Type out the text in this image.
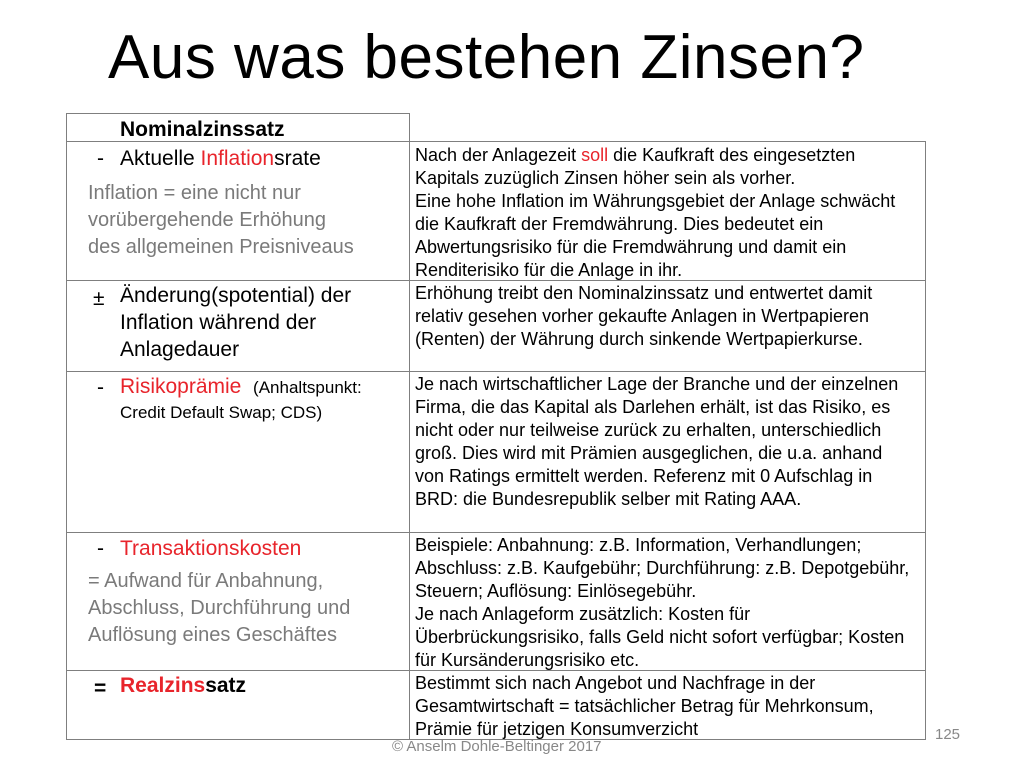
Aus was bestehen Zinsen?
Nominalzinssatz
- Aktuelle Inflationsrate
Inflation = eine nicht nur
vorübergehende Erhöhung
des allgemeinen Preisniveaus

Nach der Anlagezeit soll die Kaufkraft des eingesetzten Kapitals zuzüglich Zinsen höher sein als vorher.

Eine hohe Inflation im Währungsgebiet der Anlage schwächt die Kaufkraft der Fremdwährung. Dies bedeutet ein Abwertungsrisiko für die Fremdwährung und damit ein Renditerisiko für die Anlage in ihr.

± Änderung(spotential) der
Inflation während der
Anlagedauer
Erhöhung treibt den Nominalzinssatz und entwertet damit relativ gesehen vorher gekaufte Anlagen in Wertpapieren (Renten) der Währung durch sinkende Wertpapierkurse.
- Risikoprämie (Anhaltspunkt:
Credit Default Swap; CDS)
Je nach wirtschaftlicher Lage der Branche und der einzelnen Firma, die das Kapital als Darlehen erhält, ist das Risiko, es nicht oder nur teilweise zurück zu erhalten, unterschiedlich groß. Dies wird mit Prämien ausgeglichen, die u.a. anhand von Ratings ermittelt werden. Referenz mit 0 Aufschlag in BRD: die Bundesrepublik selber mit Rating AAA.
- Transaktionskosten
= Aufwand für Anbahnung,
Abschluss, Durchführung und
Auflösung eines Geschäftes

Beispiele: Anbahnung: z.B. Information, Verhandlungen; Abschluss: z.B. Kaufgebühr; Durchführung: z.B. Depotgebühr, Steuern; Auflösung: Einlösegebühr.

Je nach Anlageform zusätzlich: Kosten für Überbrückungsrisiko, falls Geld nicht sofort verfügbar; Kosten für Kursänderungsrisiko etc.

= Realzinssatz	Bestimmt sich nach Angebot und Nachfrage in der Gesamtwirtschaft = tatsächlicher Betrag für Mehrkonsum, Prämie für jetzigen Konsumverzicht
© Anselm Dohle-Beltinger 2017
125
